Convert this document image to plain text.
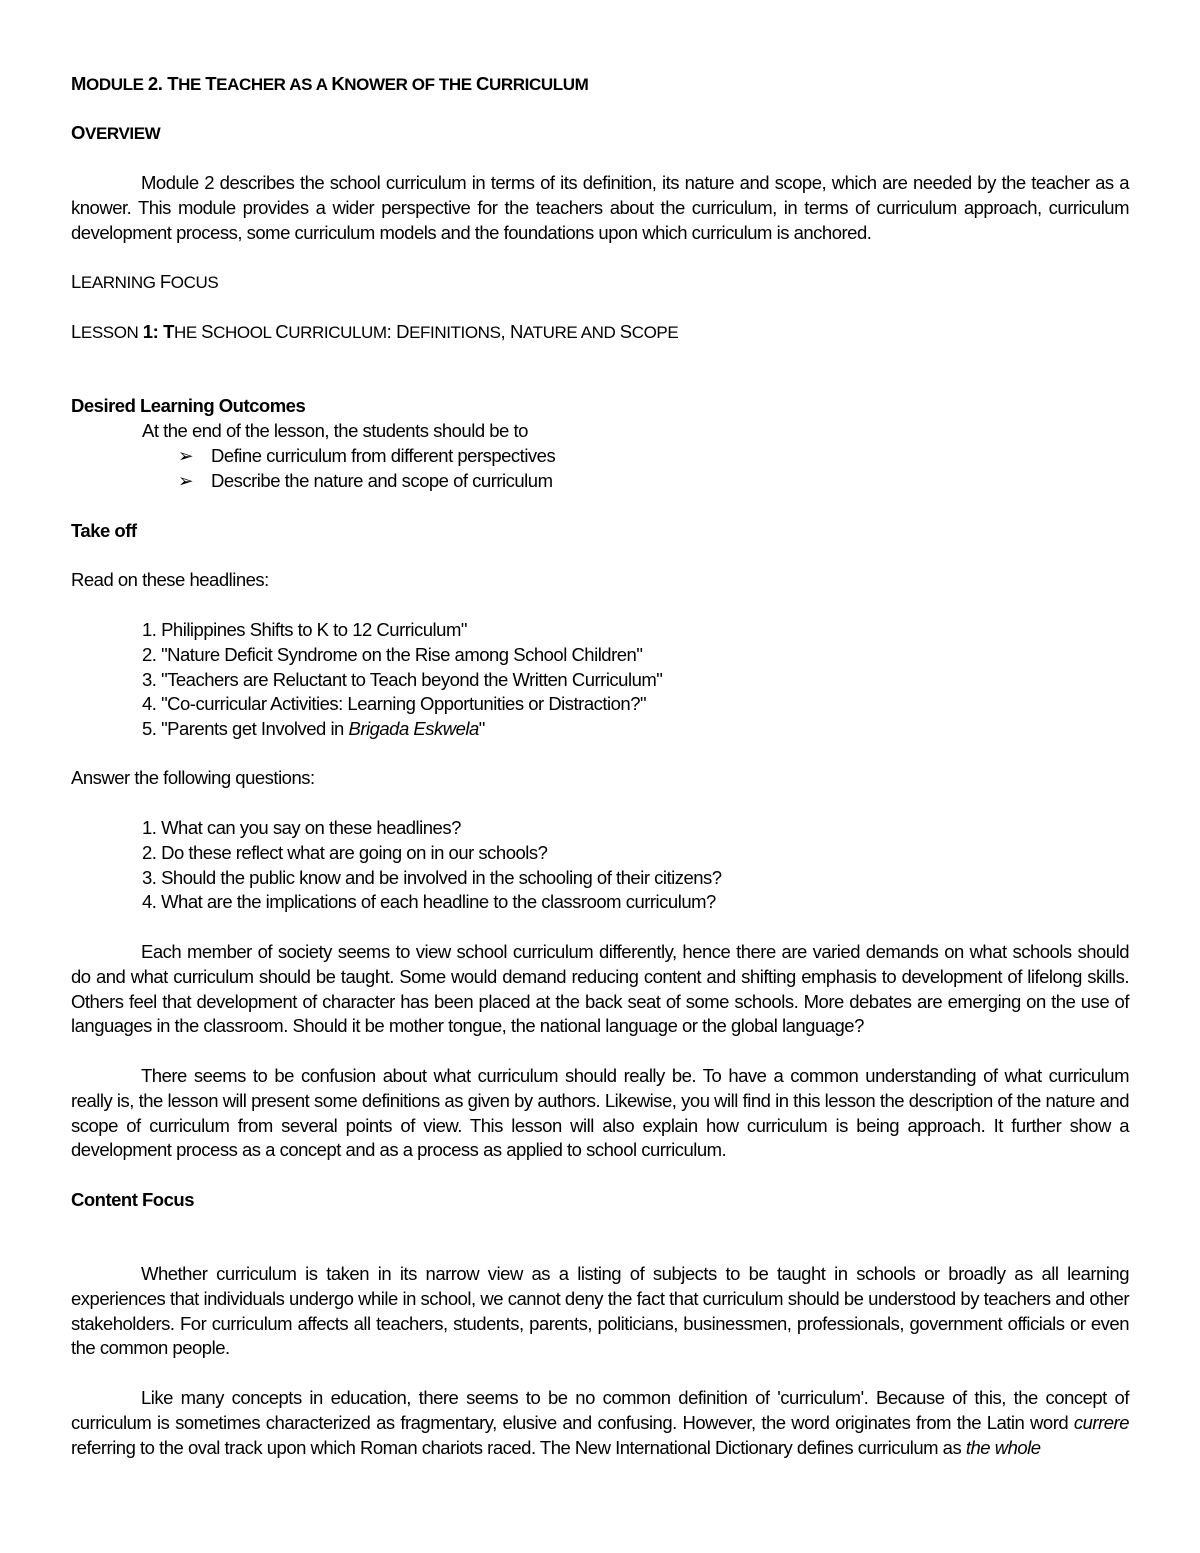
MODULE 2. THE TEACHER AS A KNOWER OF THE CURRICULUM

OVERVIEW

Module 2 describes the school curriculum in terms of its definition, its nature and scope, which are needed by the teacher as a knower. This module provides a wider perspective for the teachers about the curriculum, in terms of curriculum approach, curriculum development process, some curriculum models and the foundations upon which curriculum is anchored.

LEARNING FOCUS

LESSON 1: THE SCHOOL CURRICULUM: DEFINITIONS, NATURE AND SCOPE

Desired Learning Outcomes

At the end of the lesson, the students should be to

➢ Define curriculum from different perspectives
➢ Describe the nature and scope of curriculum

Take off

Read on these headlines:

1. Philippines Shifts to K to 12 Curriculum"
2. "Nature Deficit Syndrome on the Rise among School Children"
3. "Teachers are Reluctant to Teach beyond the Written Curriculum"
4. "Co-curricular Activities: Learning Opportunities or Distraction?"
5. "Parents get Involved in Brigada Eskwela"

Answer the following questions:

1. What can you say on these headlines?
2. Do these reflect what are going on in our schools?
3. Should the public know and be involved in the schooling of their citizens?
4. What are the implications of each headline to the classroom curriculum?

Each member of society seems to view school curriculum differently, hence there are varied demands on what schools should do and what curriculum should be taught. Some would demand reducing content and shifting emphasis to development of lifelong skills. Others feel that development of character has been placed at the back seat of some schools. More debates are emerging on the use of languages in the classroom. Should it be mother tongue, the national language or the global language?

There seems to be confusion about what curriculum should really be. To have a common understanding of what curriculum really is, the lesson will present some definitions as given by authors. Likewise, you will find in this lesson the description of the nature and scope of curriculum from several points of view. This lesson will also explain how curriculum is being approach. It further show a development process as a concept and as a process as applied to school curriculum.

Content Focus

Whether curriculum is taken in its narrow view as a listing of subjects to be taught in schools or broadly as all learning experiences that individuals undergo while in school, we cannot deny the fact that curriculum should be understood by teachers and other stakeholders. For curriculum affects all teachers, students, parents, politicians, businessmen, professionals, government officials or even the common people.

Like many concepts in education, there seems to be no common definition of 'curriculum'. Because of this, the concept of curriculum is sometimes characterized as fragmentary, elusive and confusing. However, the word originates from the Latin word currere referring to the oval track upon which Roman chariots raced. The New International Dictionary defines curriculum as the whole
